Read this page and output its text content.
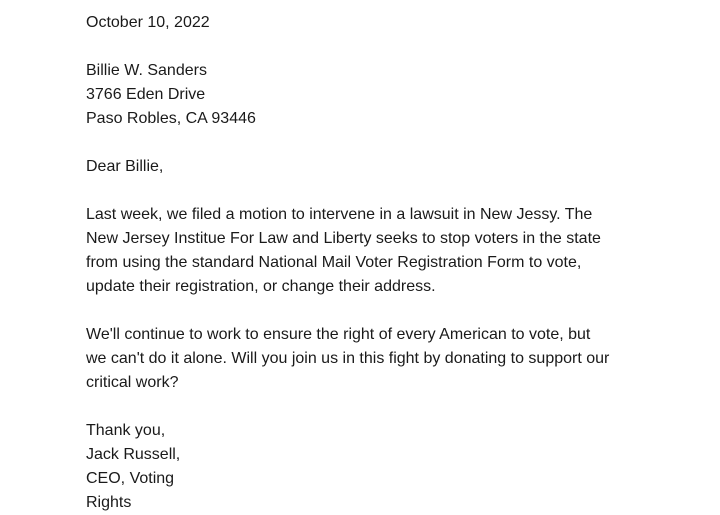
October 10, 2022
Billie W. Sanders
3766 Eden Drive
Paso Robles, CA 93446
Dear Billie,
Last week, we filed a motion to intervene in a lawsuit in New Jessy. The
New Jersey Institue For Law and Liberty seeks to stop voters in the state
from using the standard National Mail Voter Registration Form to vote,
update their registration, or change their address.
We'll continue to work to ensure the right of every American to vote, but
we can't do it alone. Will you join us in this fight by donating to support our
critical work?
Thank you,
Jack Russell,
CEO, Voting
Rights
